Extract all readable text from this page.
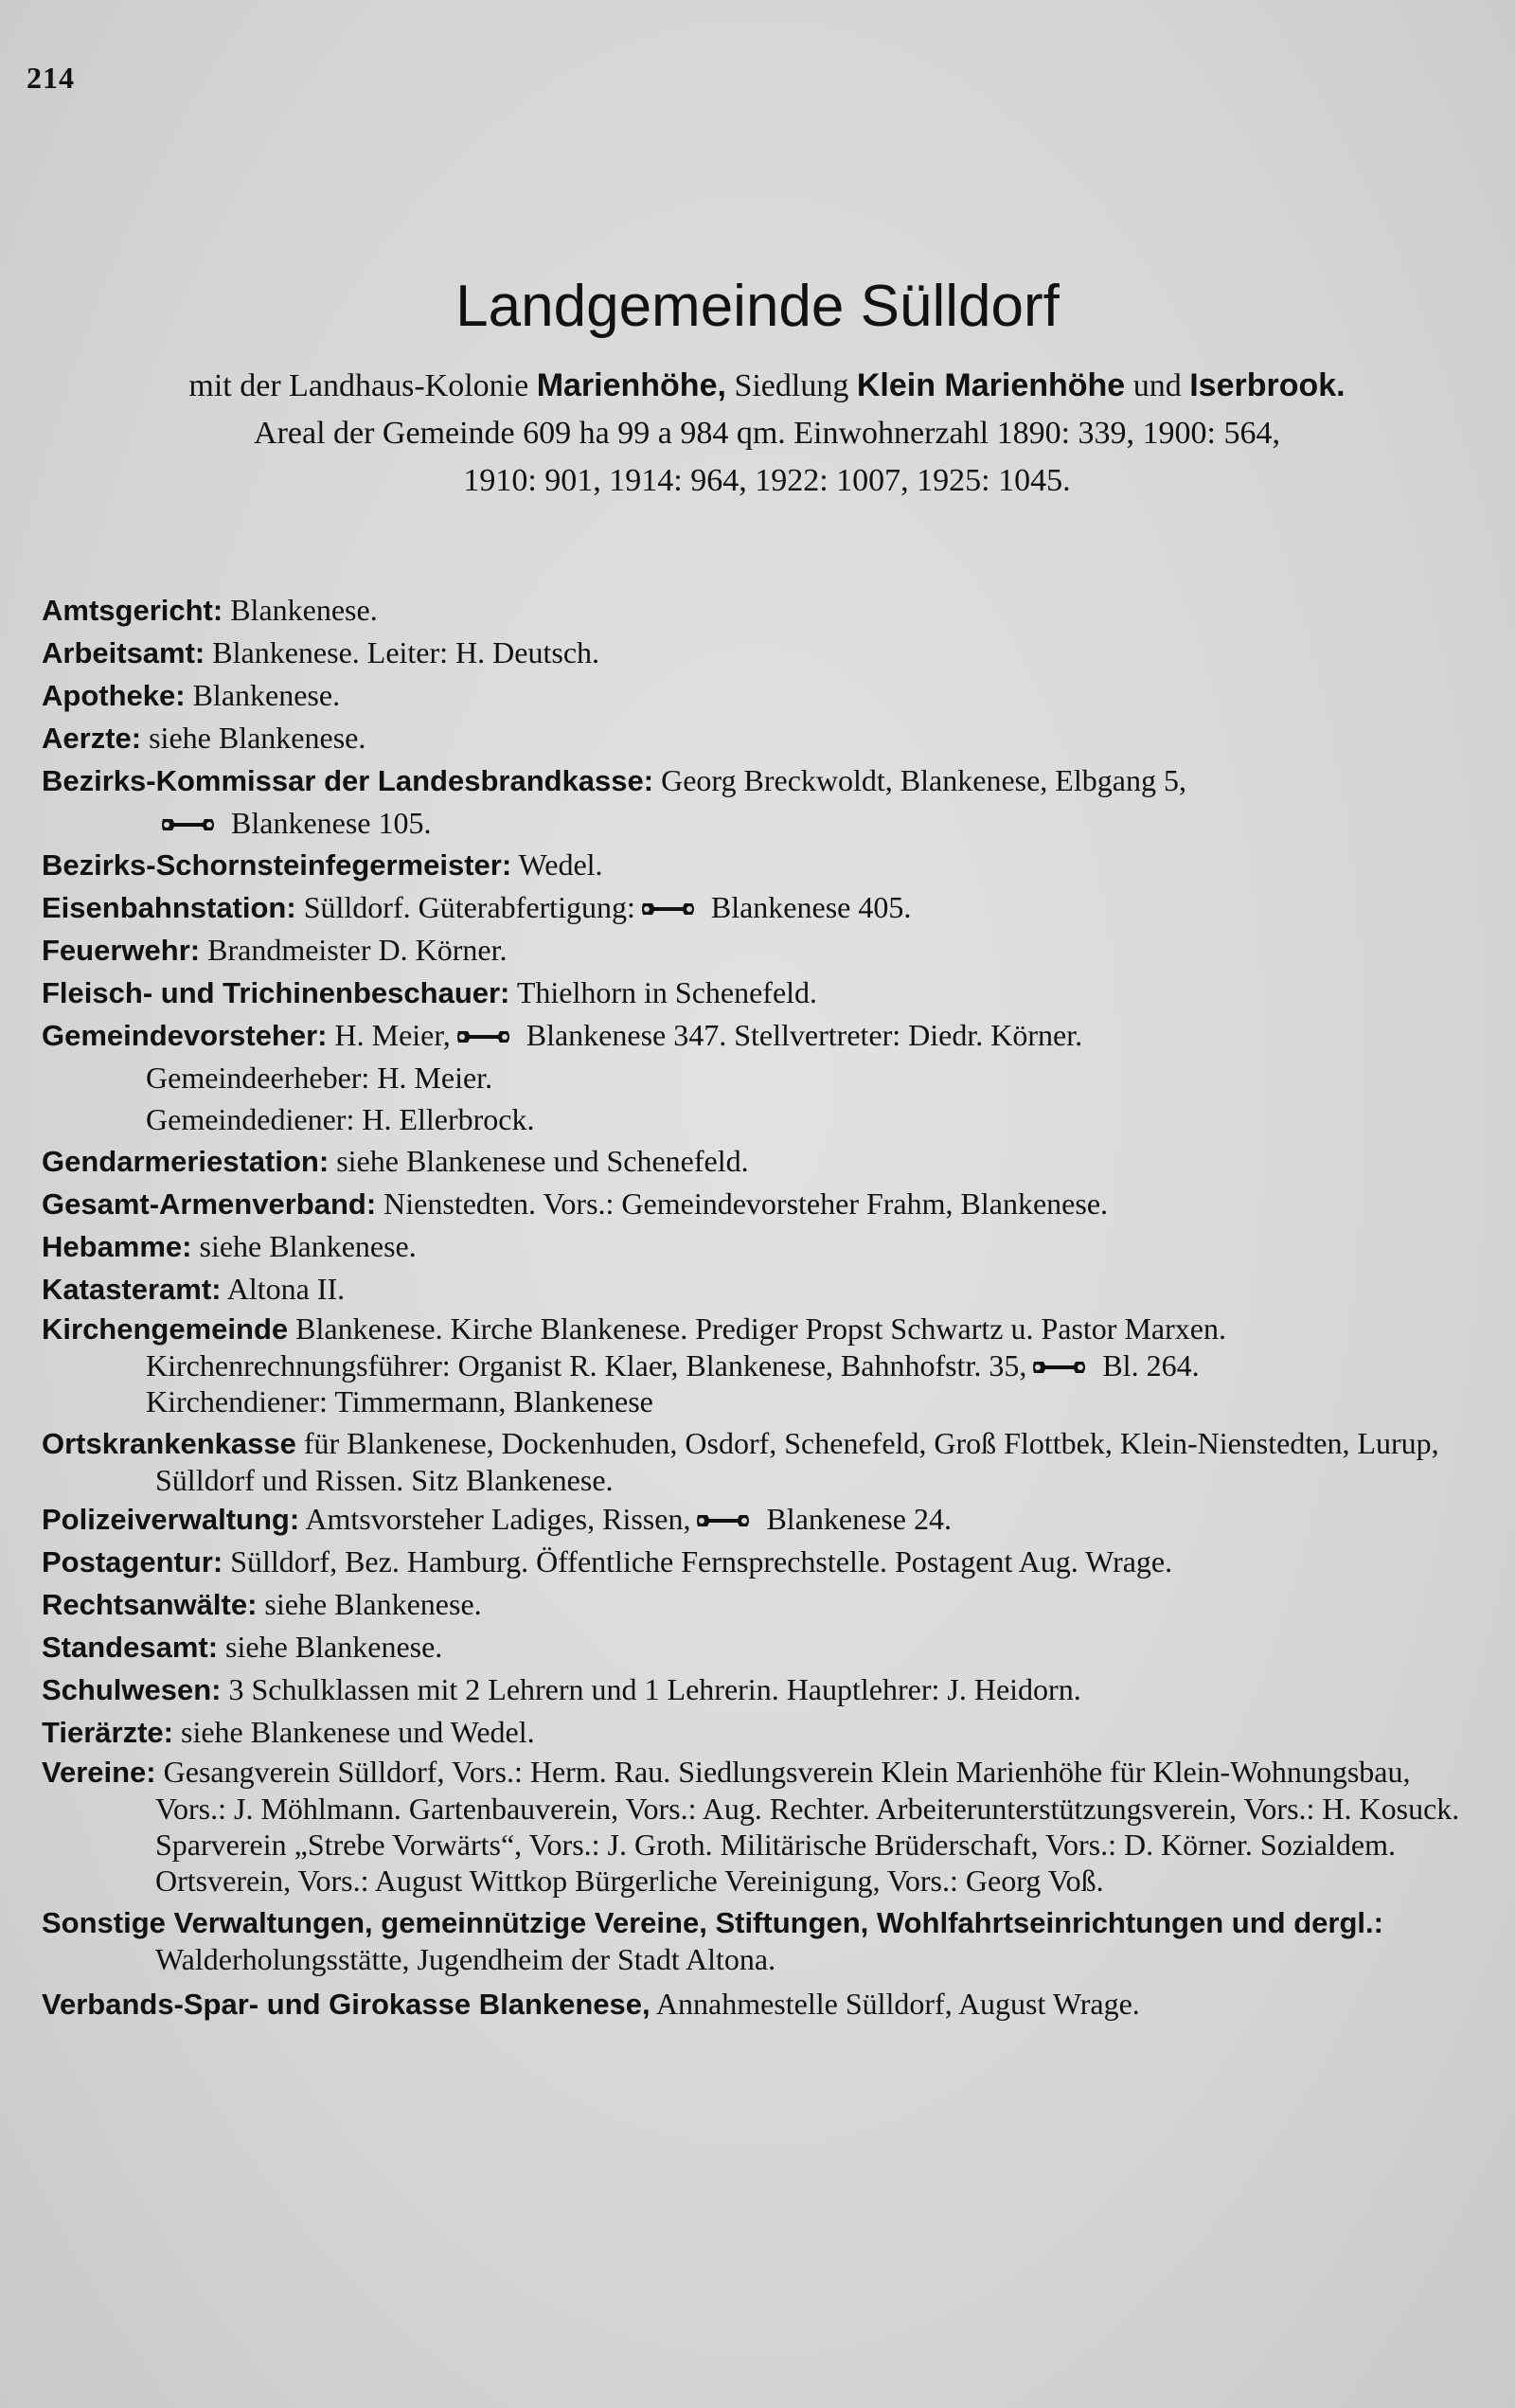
214
Landgemeinde Sülldorf
mit der Landhaus-Kolonie Marienhöhe, Siedlung Klein Marienhöhe und Iserbrook.
Areal der Gemeinde 609 ha 99 a 984 qm. Einwohnerzahl 1890: 339, 1900: 564,
1910: 901, 1914: 964, 1922: 1007, 1925: 1045.

Amtsgericht: Blankenese.

Arbeitsamt: Blankenese. Leiter: H. Deutsch.

Apotheke: Blankenese.

Aerzte: siehe Blankenese.

Bezirks-Kommissar der Landesbrandkasse: Georg Breckwoldt, Blankenese, Elbgang 5,
Blankenese 105.

Bezirks-Schornsteinfegermeister: Wedel.

Eisenbahnstation: Sülldorf. Güterabfertigung: Blankenese 405.

Feuerwehr: Brandmeister D. Körner.

Fleisch- und Trichinenbeschauer: Thielhorn in Schenefeld.

Gemeindevorsteher: H. Meier, Blankenese 347. Stellvertreter: Diedr. Körner.

Gemeindeerheber: H. Meier.

Gemeindediener: H. Ellerbrock.

Gendarmeriestation: siehe Blankenese und Schenefeld.

Gesamt-Armenverband: Nienstedten. Vors.: Gemeindevorsteher Frahm, Blankenese.

Hebamme: siehe Blankenese.

Katasteramt: Altona II.

Kirchengemeinde Blankenese. Kirche Blankenese. Prediger Propst Schwartz u. Pastor Marxen.

Kirchenrechnungsführer: Organist R. Klaer, Blankenese, Bahnhofstr. 35, Bl. 264.

Kirchendiener: Timmermann, Blankenese

Ortskrankenkasse für Blankenese, Dockenhuden, Osdorf, Schenefeld, Groß Flottbek, Klein-Nienstedten, Lurup, Sülldorf und Rissen. Sitz Blankenese.

Polizeiverwaltung: Amtsvorsteher Ladiges, Rissen, Blankenese 24.

Postagentur: Sülldorf, Bez. Hamburg. Öffentliche Fernsprechstelle. Postagent Aug. Wrage.

Rechtsanwälte: siehe Blankenese.

Standesamt: siehe Blankenese.

Schulwesen: 3 Schulklassen mit 2 Lehrern und 1 Lehrerin. Hauptlehrer: J. Heidorn.

Tierärzte: siehe Blankenese und Wedel.

Vereine: Gesangverein Sülldorf, Vors.: Herm. Rau. Siedlungsverein Klein Marienhöhe für Klein-Wohnungsbau, Vors.: J. Möhlmann. Gartenbauverein, Vors.: Aug. Rechter. Arbeiterunterstützungsverein, Vors.: H. Kosuck. Sparverein „Strebe Vorwärts“, Vors.: J. Groth. Militärische Brüderschaft, Vors.: D. Körner. Sozialdem. Ortsverein, Vors.: August Wittkop Bürgerliche Vereinigung, Vors.: Georg Voß.

Sonstige Verwaltungen, gemeinnützige Vereine, Stiftungen, Wohlfahrtseinrichtungen und dergl.: Walderholungsstätte, Jugendheim der Stadt Altona.

Verbands-Spar- und Girokasse Blankenese, Annahmestelle Sülldorf, August Wrage.
